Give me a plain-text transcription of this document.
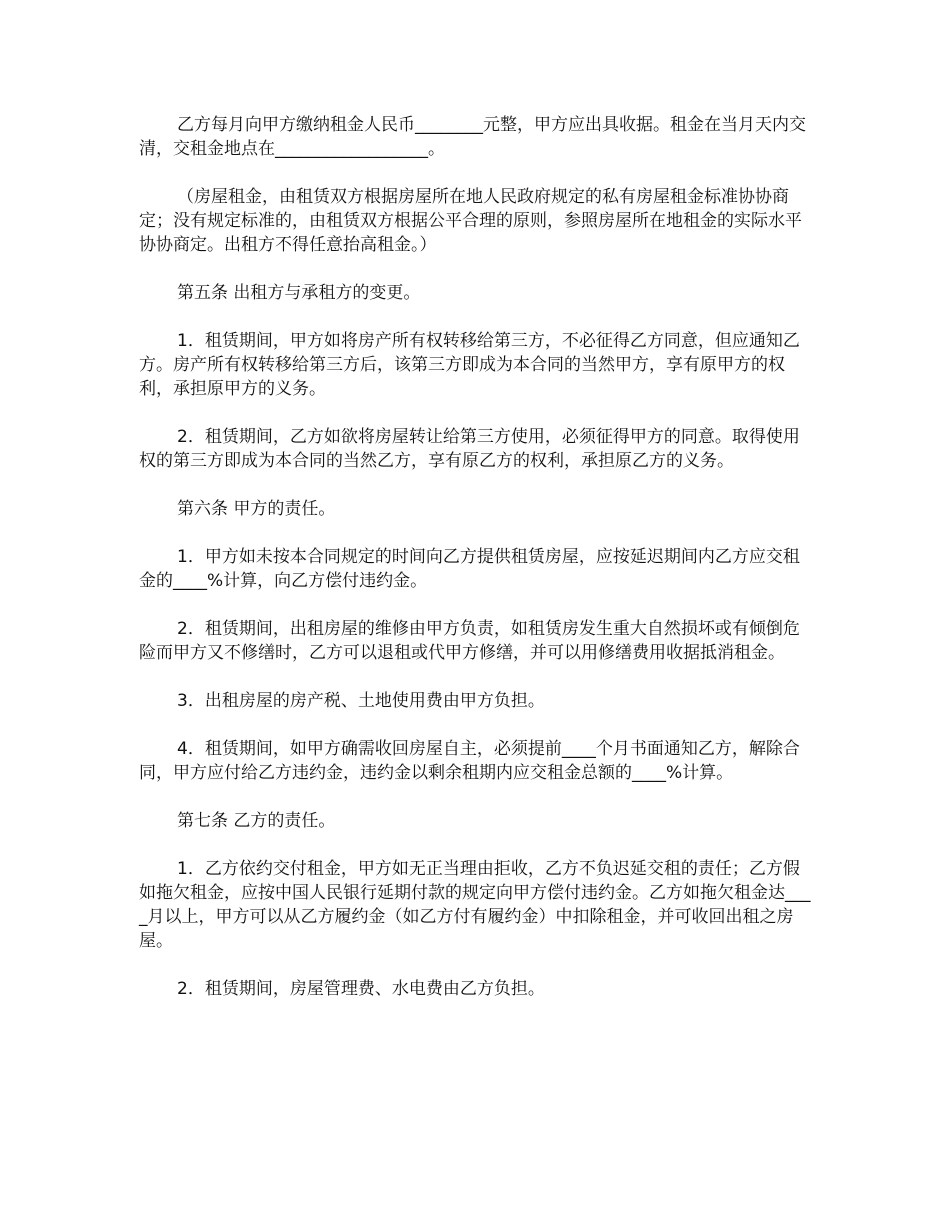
乙方每月向甲方缴纳租金人民币________元整，甲方应出具收据。租金在当月天内交清，交租金地点在__________________。

（房屋租金，由租赁双方根据房屋所在地人民政府规定的私有房屋租金标准协协商定；没有规定标准的，由租赁双方根据公平合理的原则，参照房屋所在地租金的实际水平协协商定。出租方不得任意抬高租金。）

第五条 出租方与承租方的变更。

1．租赁期间，甲方如将房产所有权转移给第三方，不必征得乙方同意，但应通知乙方。房产所有权转移给第三方后，该第三方即成为本合同的当然甲方，享有原甲方的权利，承担原甲方的义务。

2．租赁期间，乙方如欲将房屋转让给第三方使用，必须征得甲方的同意。取得使用权的第三方即成为本合同的当然乙方，享有原乙方的权利，承担原乙方的义务。

第六条 甲方的责任。

1．甲方如未按本合同规定的时间向乙方提供租赁房屋，应按延迟期间内乙方应交租金的____%计算，向乙方偿付违约金。

2．租赁期间，出租房屋的维修由甲方负责，如租赁房发生重大自然损坏或有倾倒危险而甲方又不修缮时，乙方可以退租或代甲方修缮，并可以用修缮费用收据抵消租金。

3．出租房屋的房产税、土地使用费由甲方负担。

4．租赁期间，如甲方确需收回房屋自主，必须提前____个月书面通知乙方，解除合同，甲方应付给乙方违约金，违约金以剩余租期内应交租金总额的____%计算。

第七条 乙方的责任。

1．乙方依约交付租金，甲方如无正当理由拒收，乙方不负迟延交租的责任；乙方假如拖欠租金，应按中国人民银行延期付款的规定向甲方偿付违约金。乙方如拖欠租金达____月以上，甲方可以从乙方履约金（如乙方付有履约金）中扣除租金，并可收回出租之房屋。

2．租赁期间，房屋管理费、水电费由乙方负担。
